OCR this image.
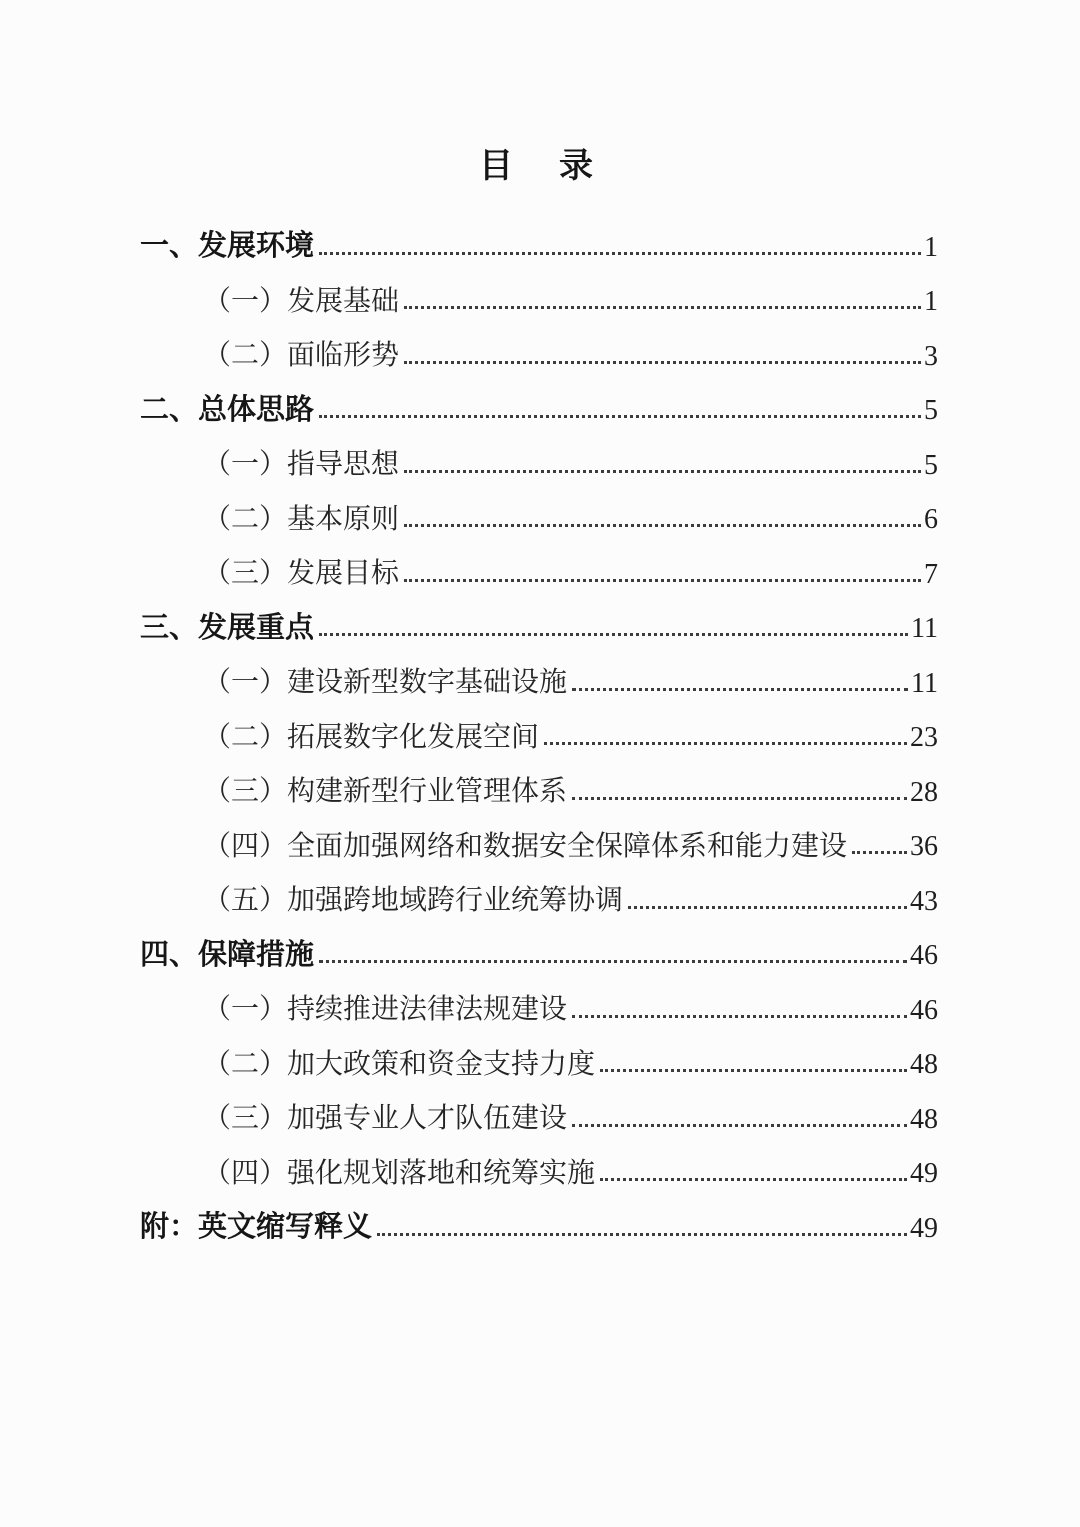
目　录
一、发展环境	1
（一）发展基础	1
（二）面临形势	3
二、总体思路	5
（一）指导思想	5
（二）基本原则	6
（三）发展目标	7
三、发展重点	11
（一）建设新型数字基础设施	11
（二）拓展数字化发展空间	23
（三）构建新型行业管理体系	28
（四）全面加强网络和数据安全保障体系和能力建设 36
（五）加强跨地域跨行业统筹协调	43
四、保障措施	46
（一）持续推进法律法规建设	46
（二）加大政策和资金支持力度	48
（三）加强专业人才队伍建设	48
（四）强化规划落地和统筹实施	49
附：英文缩写释义	49
